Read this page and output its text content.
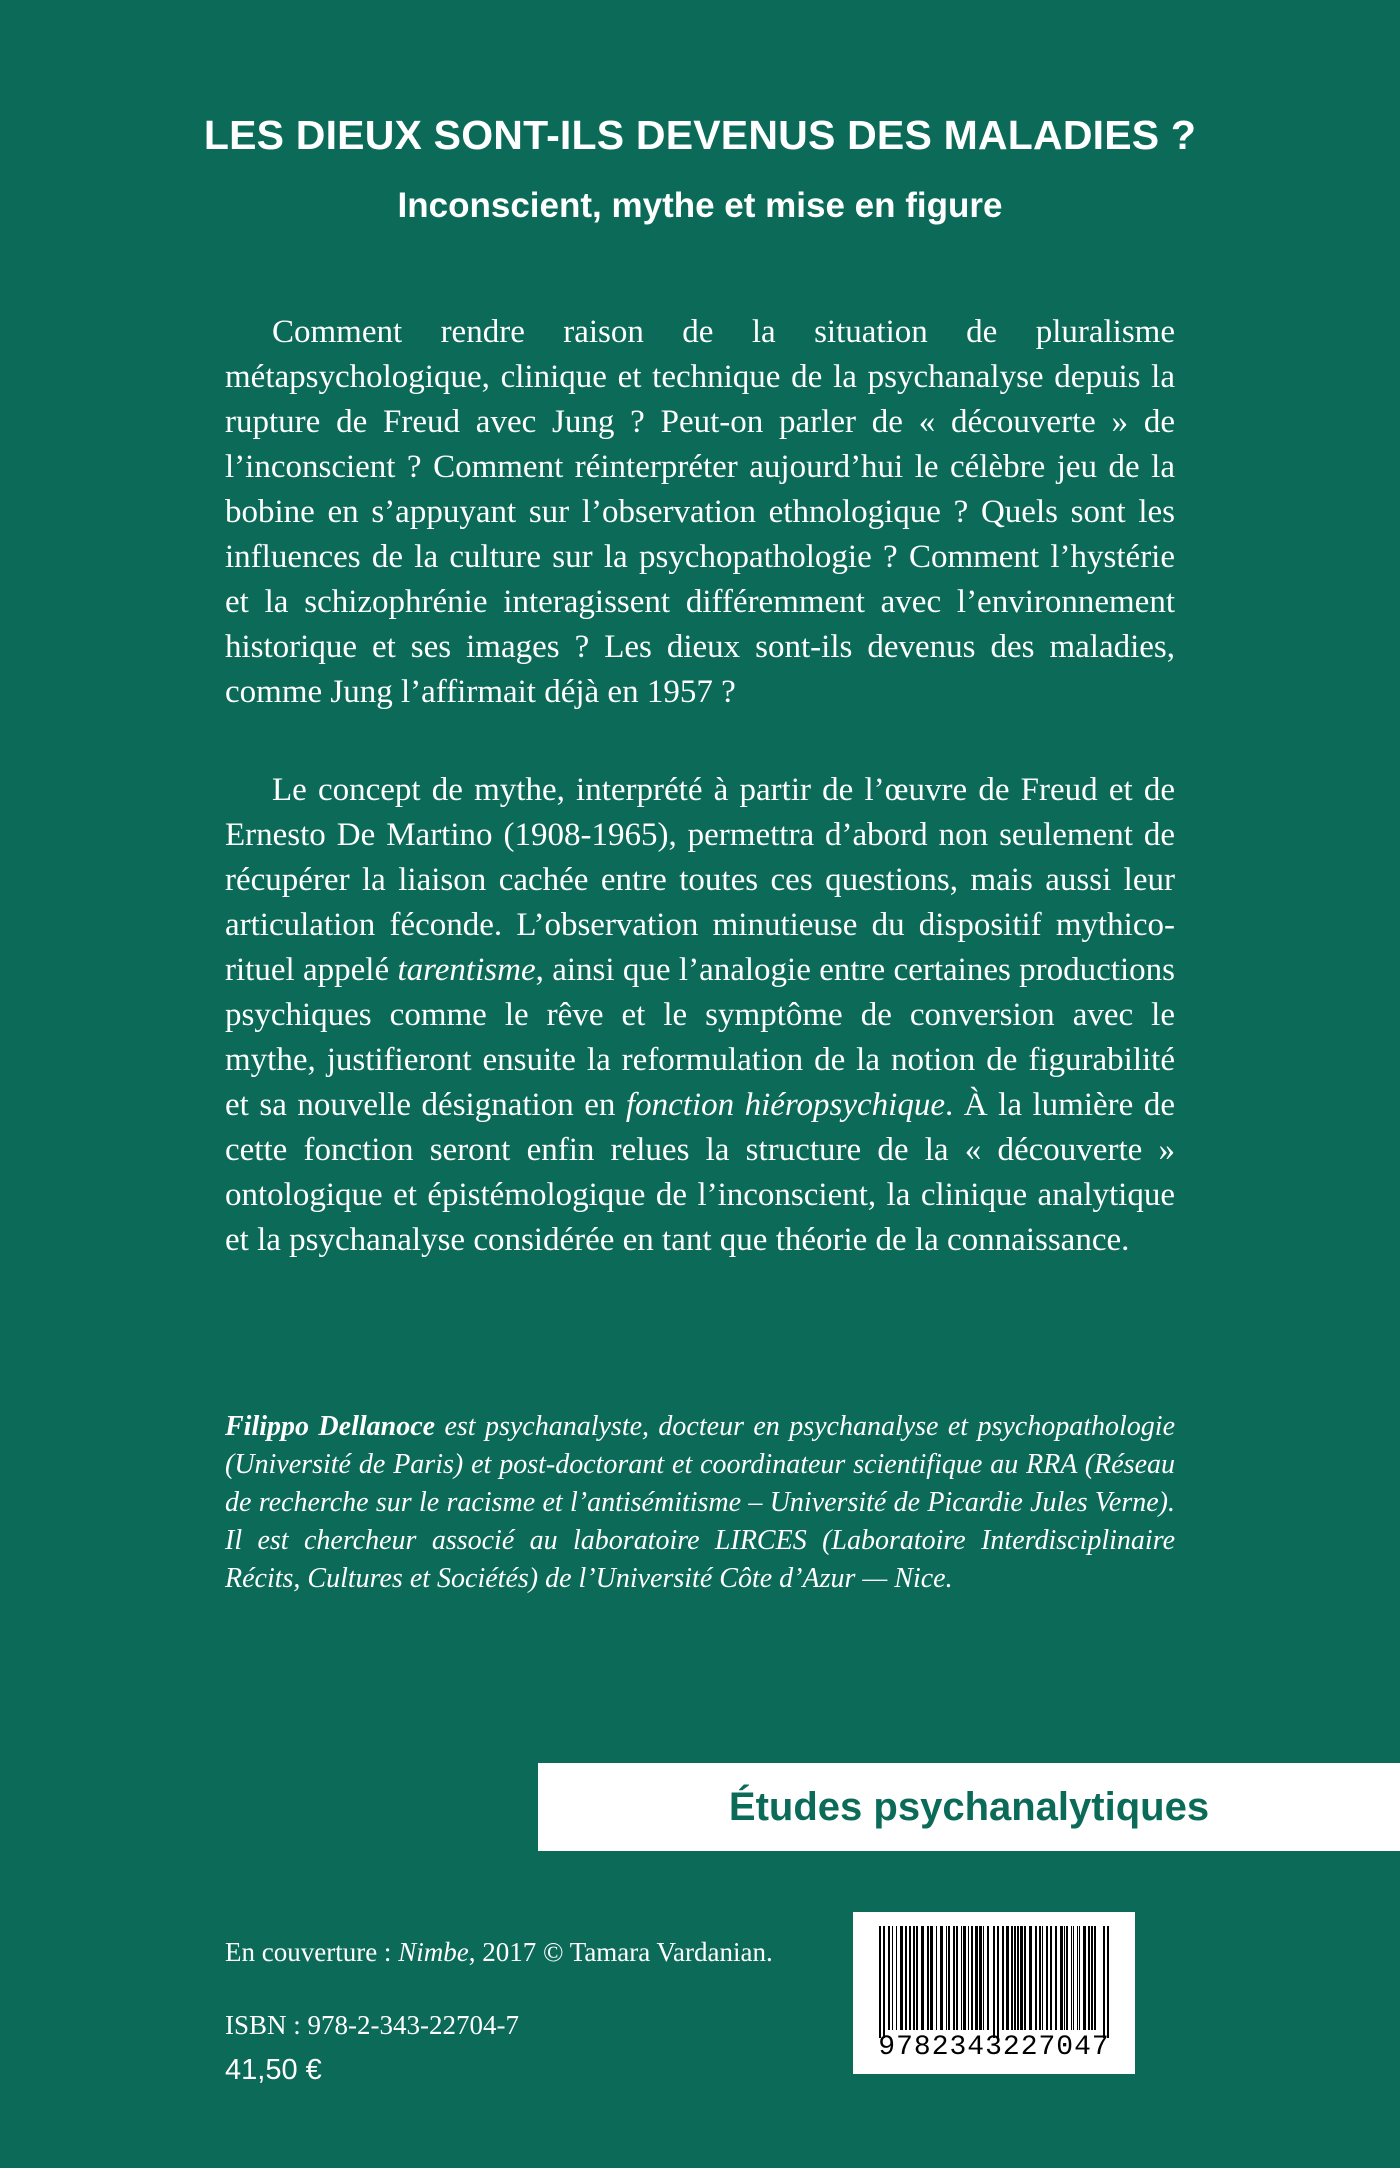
LES DIEUX SONT-ILS DEVENUS DES MALADIES ?
Inconscient, mythe et mise en figure

Comment rendre raison de la situation de pluralisme métapsychologique, clinique et technique de la psychanalyse depuis la rupture de Freud avec Jung ? Peut-on parler de « découverte » de l’inconscient ? Comment réinterpréter aujourd’hui le célèbre jeu de la bobine en s’appuyant sur l’observation ethnologique ? Quels sont les influences de la culture sur la psychopathologie ? Comment l’hystérie et la schizophrénie interagissent différemment avec l’environnement historique et ses images ? Les dieux sont-ils devenus des maladies, comme Jung l’affirmait déjà en 1957 ?

Le concept de mythe, interprété à partir de l’œuvre de Freud et de Ernesto De Martino (1908-1965), permettra d’abord non seulement de récupérer la liaison cachée entre toutes ces questions, mais aussi leur articulation féconde. L’observation minutieuse du dispositif mythico-rituel appelé tarentisme, ainsi que l’analogie entre certaines productions psychiques comme le rêve et le symptôme de conversion avec le mythe, justifieront ensuite la reformulation de la notion de figurabilité et sa nouvelle désignation en fonction hiéropsychique. À la lumière de cette fonction seront enfin relues la structure de la « découverte » ontologique et épistémologique de l’inconscient, la clinique analytique et la psychanalyse considérée en tant que théorie de la connaissance.

Filippo Dellanoce est psychanalyste, docteur en psychanalyse et psychopathologie (Université de Paris) et post-doctorant et coordinateur scientifique au RRA (Réseau de recherche sur le racisme et l’antisémitisme – Université de Picardie Jules Verne). Il est chercheur associé au laboratoire LIRCES (Laboratoire Interdisciplinaire Récits, Cultures et Sociétés) de l’Université Côte d’Azur — Nice.

Études psychanalytiques
En couverture : Nimbe, 2017 © Tamara Vardanian.
ISBN : 978-2-343-22704-7
41,50 €
9782343227047
